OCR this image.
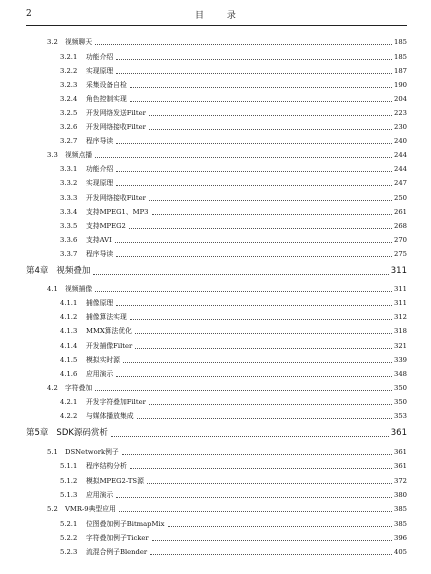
2	目 录
3.2 视频聊天	185
3.2.1 功能介绍	185
3.2.2 实现原理	187
3.2.3 采集设备自检	190
3.2.4 角色控制实现	204
3.2.5 开发网络发送Filter	223
3.2.6 开发网络接收Filter	230
3.2.7 程序导读	240
3.3 视频点播	244
3.3.1 功能介绍	244
3.3.2 实现原理	247
3.3.3 开发网络接收Filter	250
3.3.4 支持MPEG1、MP3	261
3.3.5 支持MPEG2	268
3.3.6 支持AVI	270
3.3.7 程序导读	275
第4章 视频叠加	311
4.1 视频捕像	311
4.1.1 捕像原理	311
4.1.2 捕像算法实现	312
4.1.3 MMX算法优化	318
4.1.4 开发捕像Filter	321
4.1.5 模拟实时源	339
4.1.6 应用演示	348
4.2 字符叠加	350
4.2.1 开发字符叠加Filter	350
4.2.2 与媒体播放集成	353
第5章 SDK源码赏析	361
5.1 DSNetwork例子	361
5.1.1 程序结构分析	361
5.1.2 模拟MPEG2-TS源	372
5.1.3 应用演示	380
5.2 VMR-9典型应用	385
5.2.1 位图叠加例子BitmapMix	385
5.2.2 字符叠加例子Ticker	396
5.2.3 流混合例子Blender	405
